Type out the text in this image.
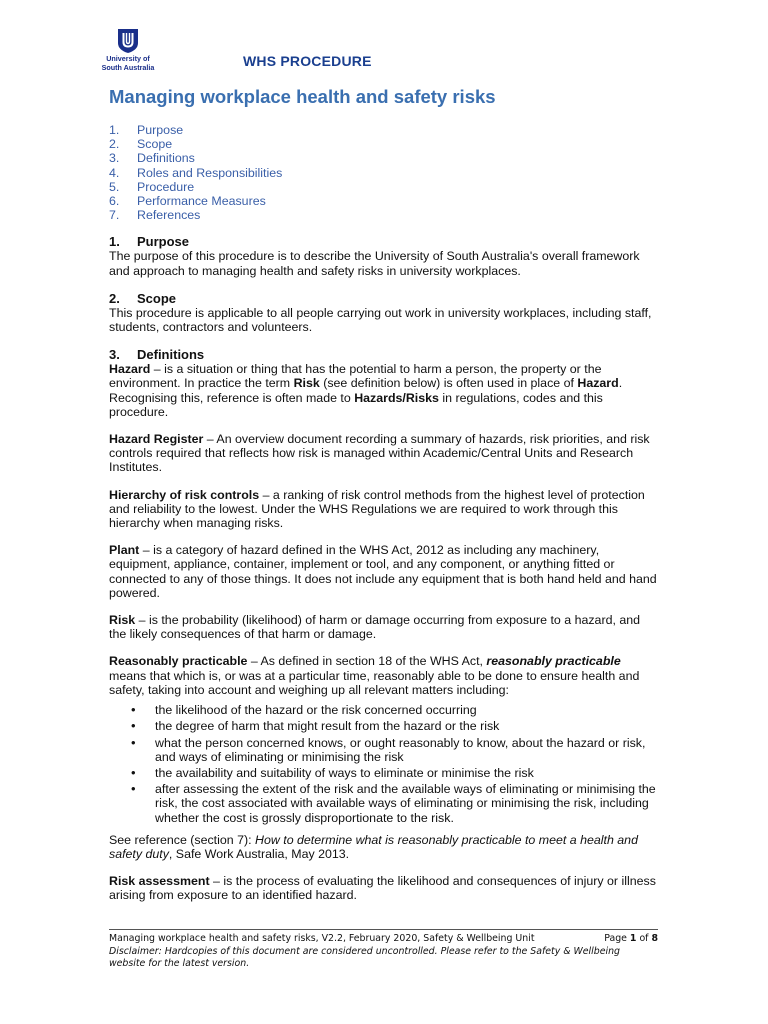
University of
South Australia	WHS PROCEDURE
Managing workplace health and safety risks
1.	Purpose
2.	Scope
3.	Definitions
4.	Roles and Responsibilities
5.	Procedure
6.	Performance Measures
7.	References
1. Purpose

The purpose of this procedure is to describe the University of South Australia's overall framework and approach to managing health and safety risks in university workplaces.

2. Scope

This procedure is applicable to all people carrying out work in university workplaces, including staff, students, contractors and volunteers.

3. Definitions

Hazard – is a situation or thing that has the potential to harm a person, the property or the environment. In practice the term Risk (see definition below) is often used in place of Hazard. Recognising this, reference is often made to Hazards/Risks in regulations, codes and this procedure.

Hazard Register – An overview document recording a summary of hazards, risk priorities, and risk controls required that reflects how risk is managed within Academic/Central Units and Research Institutes.

Hierarchy of risk controls – a ranking of risk control methods from the highest level of protection and reliability to the lowest. Under the WHS Regulations we are required to work through this hierarchy when managing risks.

Plant – is a category of hazard defined in the WHS Act, 2012 as including any machinery, equipment, appliance, container, implement or tool, and any component, or anything fitted or connected to any of those things. It does not include any equipment that is both hand held and hand powered.

Risk – is the probability (likelihood) of harm or damage occurring from exposure to a hazard, and the likely consequences of that harm or damage.

Reasonably practicable – As defined in section 18 of the WHS Act, reasonably practicable means that which is, or was at a particular time, reasonably able to be done to ensure health and safety, taking into account and weighing up all relevant matters including:

• the likelihood of the hazard or the risk concerned occurring
• the degree of harm that might result from the hazard or the risk
• what the person concerned knows, or ought reasonably to know, about the hazard or risk, and ways of eliminating or minimising the risk
• the availability and suitability of ways to eliminate or minimise the risk
• after assessing the extent of the risk and the available ways of eliminating or minimising the risk, the cost associated with available ways of eliminating or minimising the risk, including whether the cost is grossly disproportionate to the risk.

See reference (section 7): How to determine what is reasonably practicable to meet a health and safety duty, Safe Work Australia, May 2013.

Risk assessment – is the process of evaluating the likelihood and consequences of injury or illness arising from exposure to an identified hazard.

Managing workplace health and safety risks, V2.2, February 2020, Safety & Wellbeing Unit	Page 1 of 8
Disclaimer: Hardcopies of this document are considered uncontrolled. Please refer to the Safety & Wellbeing website for the latest version.
